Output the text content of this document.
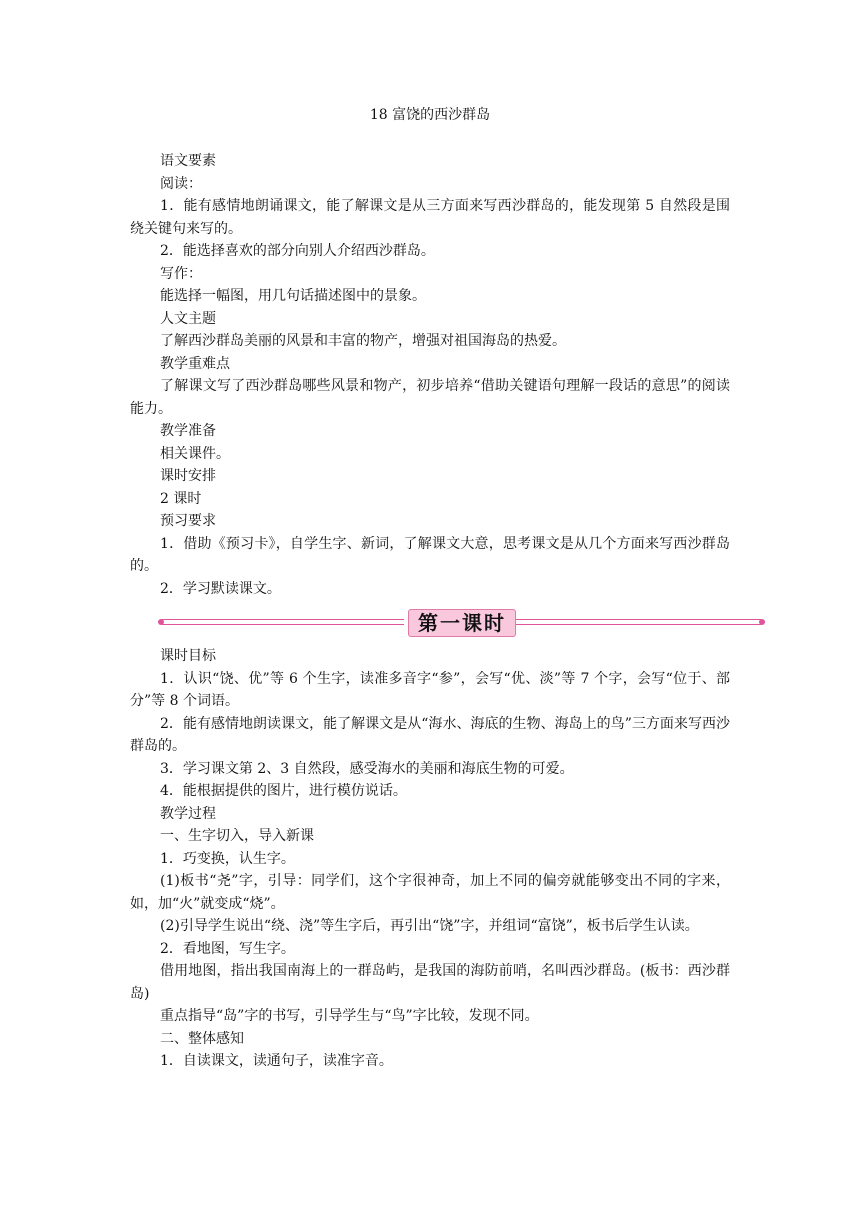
18 富饶的西沙群岛

语文要素

阅读：

1．能有感情地朗诵课文，能了解课文是从三方面来写西沙群岛的，能发现第 5 自然段是围绕关键句来写的。

2．能选择喜欢的部分向别人介绍西沙群岛。

写作：

能选择一幅图，用几句话描述图中的景象。

人文主题

了解西沙群岛美丽的风景和丰富的物产，增强对祖国海岛的热爱。

教学重难点

了解课文写了西沙群岛哪些风景和物产，初步培养“借助关键语句理解一段话的意思”的阅读能力。

教学准备

相关课件。

课时安排

2 课时

预习要求

1．借助《预习卡》，自学生字、新词，了解课文大意，思考课文是从几个方面来写西沙群岛的。

2．学习默读课文。

第一课时

课时目标

1．认识“饶、优”等 6 个生字，读准多音字“参”，会写“优、淡”等 7 个字，会写“位于、部分”等 8 个词语。

2．能有感情地朗读课文，能了解课文是从“海水、海底的生物、海岛上的鸟”三方面来写西沙群岛的。

3．学习课文第 2、3 自然段，感受海水的美丽和海底生物的可爱。

4．能根据提供的图片，进行模仿说话。

教学过程

一、生字切入，导入新课

1．巧变换，认生字。

(1)板书“尧”字，引导：同学们，这个字很神奇，加上不同的偏旁就能够变出不同的字来，如，加“火”就变成“烧”。

(2)引导学生说出“绕、浇”等生字后，再引出“饶”字，并组词“富饶”，板书后学生认读。

2．看地图，写生字。

借用地图，指出我国南海上的一群岛屿，是我国的海防前哨，名叫西沙群岛。(板书：西沙群岛)

重点指导“岛”字的书写，引导学生与“鸟”字比较，发现不同。

二、整体感知

1．自读课文，读通句子，读准字音。
